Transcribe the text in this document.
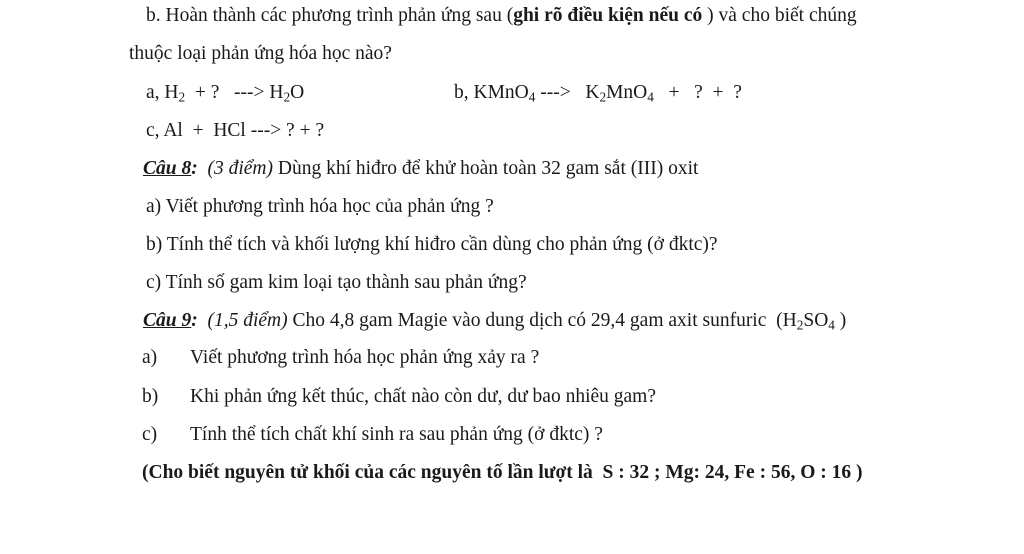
b. Hoàn thành các phương trình phản ứng sau (ghi rõ điều kiện nếu có ) và cho biết chúng
thuộc loại phản ứng hóa học nào?
a, $H_2$  + ?   ---> $H_2O$	b, KMnO$_4$ --->   $K_2MnO_4$   +   ?  +  ?
c, Al  +  HCl ---> ? + ?
Câu 8: (3 điểm) Dùng khí hiđro để khử hoàn toàn 32 gam sắt (III) oxit
a) Viết phương trình hóa học của phản ứng ?
b) Tính thể tích và khối lượng khí hiđro cần dùng cho phản ứng (ở đktc)?
c) Tính số gam kim loại tạo thành sau phản ứng?
Câu 9: (1,5 điểm) Cho 4,8 gam Magie vào dung dịch có 29,4 gam axit sunfuric  ($H_2SO_4$ )
a) Viết phương trình hóa học phản ứng xảy ra ?
b) Khi phản ứng kết thúc, chất nào còn dư, dư bao nhiêu gam?
c) Tính thể tích chất khí sinh ra sau phản ứng (ở đktc) ?
(Cho biết nguyên tử khối của các nguyên tố lần lượt là  S : 32 ; Mg: 24, Fe : 56, O : 16 )
